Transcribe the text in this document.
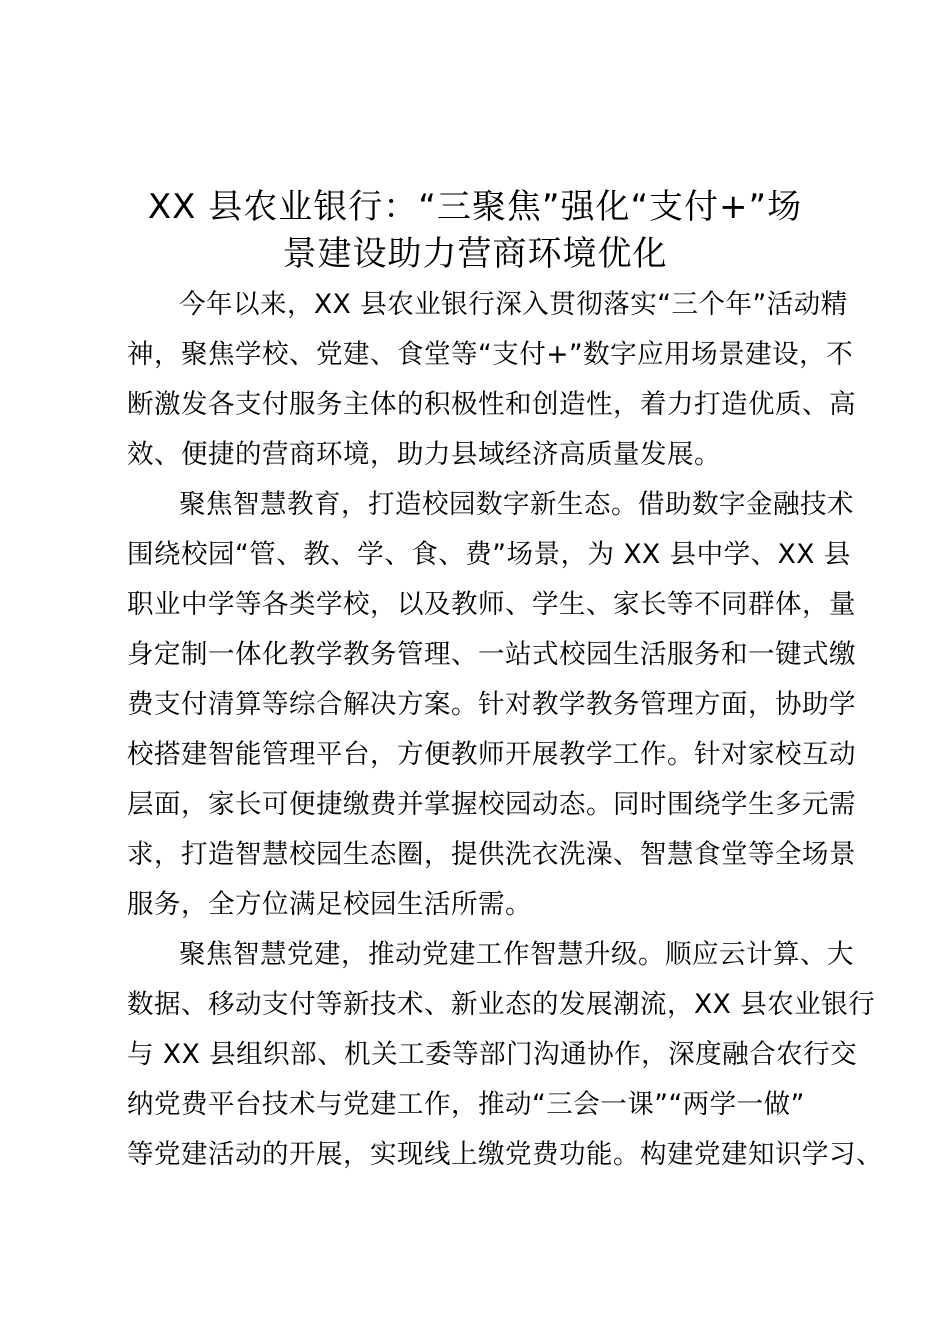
XX 县农业银行：“三聚焦”强化“支付+”场
景建设助力营商环境优化
今年以来，XX 县农业银行深入贯彻落实“三个年”活动精
神，聚焦学校、党建、食堂等“支付+”数字应用场景建设，不
断激发各支付服务主体的积极性和创造性，着力打造优质、高
效、便捷的营商环境，助力县域经济高质量发展。
聚焦智慧教育，打造校园数字新生态。借助数字金融技术
围绕校园“管、教、学、食、费”场景，为 XX 县中学、XX 县
职业中学等各类学校，以及教师、学生、家长等不同群体，量
身定制一体化教学教务管理、一站式校园生活服务和一键式缴
费支付清算等综合解决方案。针对教学教务管理方面，协助学
校搭建智能管理平台，方便教师开展教学工作。针对家校互动
层面，家长可便捷缴费并掌握校园动态。同时围绕学生多元需
求，打造智慧校园生态圈，提供洗衣洗澡、智慧食堂等全场景
服务，全方位满足校园生活所需。
聚焦智慧党建，推动党建工作智慧升级。顺应云计算、大
数据、移动支付等新技术、新业态的发展潮流，XX 县农业银行
与 XX 县组织部、机关工委等部门沟通协作，深度融合农行交
纳党费平台技术与党建工作，推动“三会一课”“两学一做”
等党建活动的开展，实现线上缴党费功能。构建党建知识学习、
